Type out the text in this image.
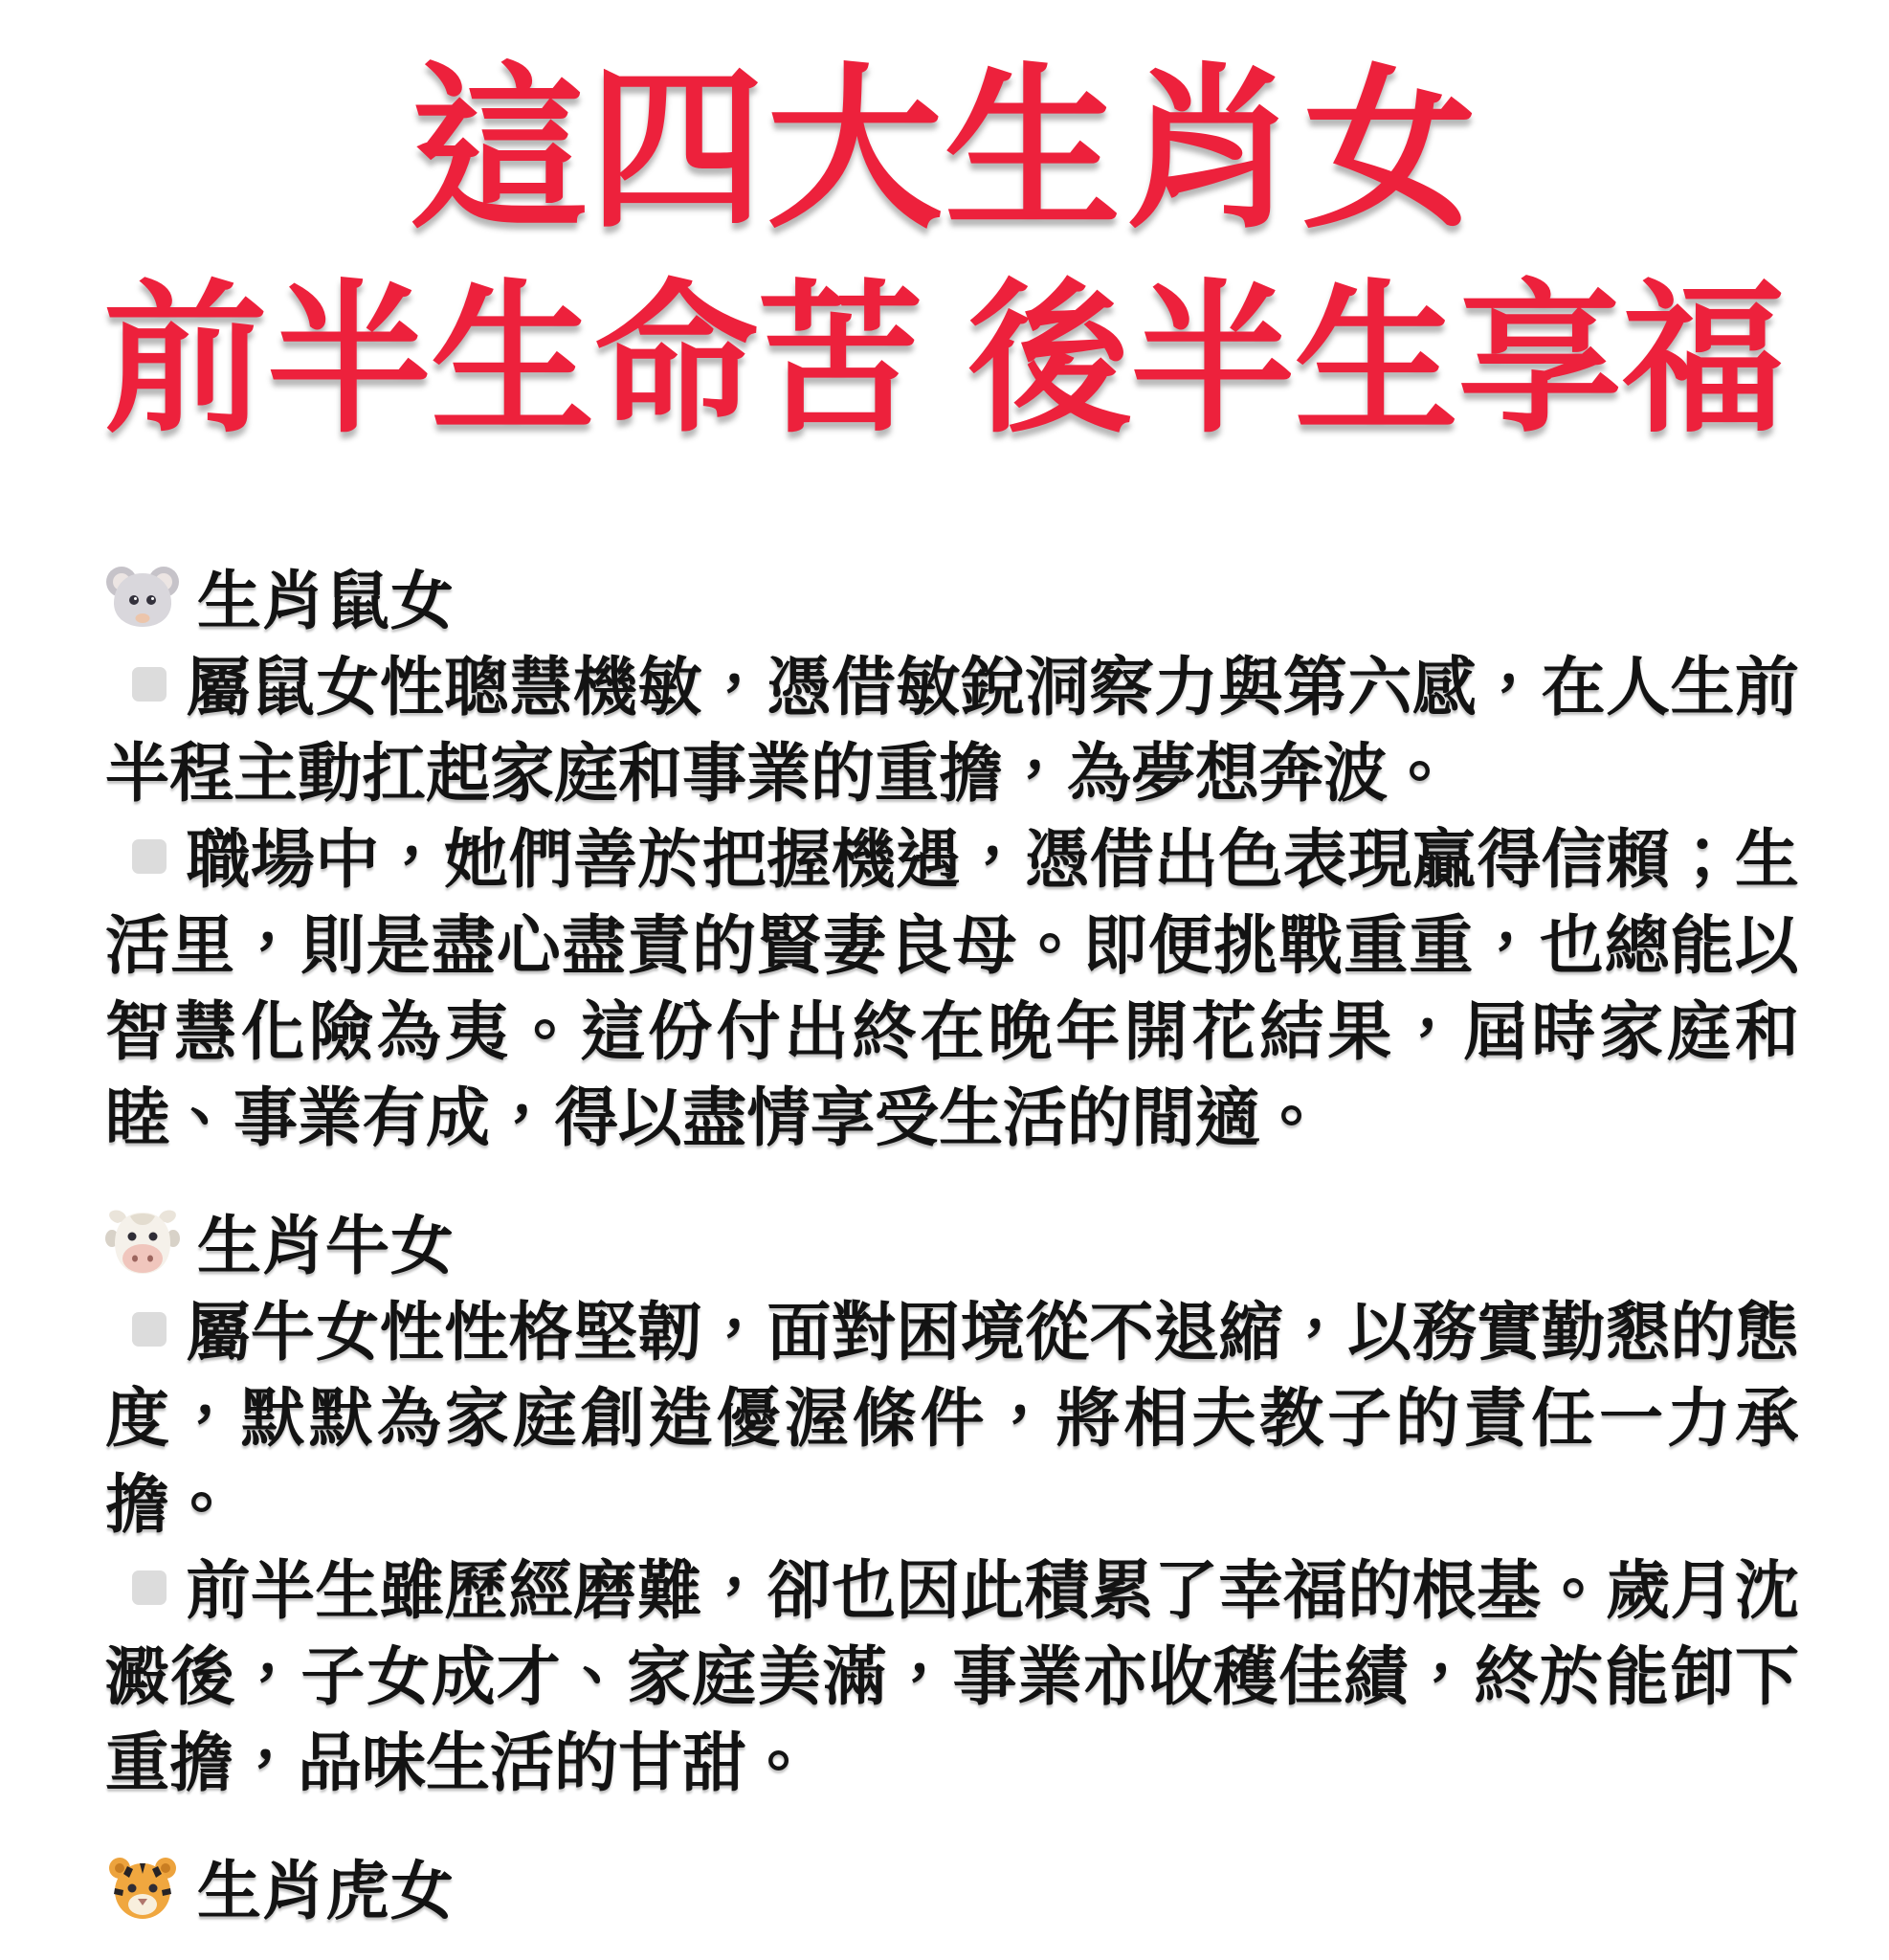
這四大生肖女
前半生命苦 後半生享福
生肖鼠女

屬鼠女性聰慧機敏，憑借敏銳洞察力與第六感，在人生前半程主動扛起家庭和事業的重擔，為夢想奔波。

職場中，她們善於把握機遇，憑借出色表現贏得信賴；生活里，則是盡心盡責的賢妻良母。即便挑戰重重，也總能以智慧化險為夷。這份付出終在晚年開花結果，屆時家庭和睦、事業有成，得以盡情享受生活的閒適。

生肖牛女

屬牛女性性格堅韌，面對困境從不退縮，以務實勤懇的態度，默默為家庭創造優渥條件，將相夫教子的責任一力承擔。

前半生雖歷經磨難，卻也因此積累了幸福的根基。歲月沈澱後，子女成才、家庭美滿，事業亦收穫佳績，終於能卸下重擔，品味生活的甘甜。

生肖虎女
